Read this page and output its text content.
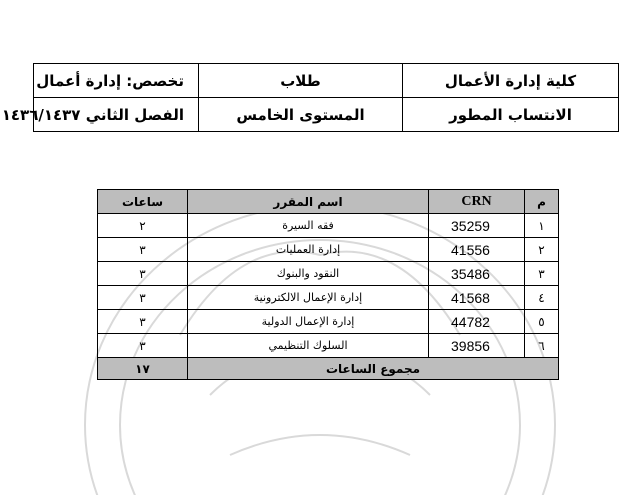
كلية إدارة الأعمال	طلاب	تخصص: إدارة أعمال
الانتساب المطور	المستوى الخامس	الفصل الثاني ١٤٣٦/١٤٣٧
م	CRN	اسم المقرر	ساعات
١	35259	فقه السيرة	٢
٢	41556	إدارة العمليات	٣
٣	35486	النقود والبنوك	٣
٤	41568	إدارة الإعمال الالكترونية	٣
٥	44782	إدارة الإعمال الدولية	٣
٦	39856	السلوك التنظيمي	٣
مجموع الساعات			١٧
